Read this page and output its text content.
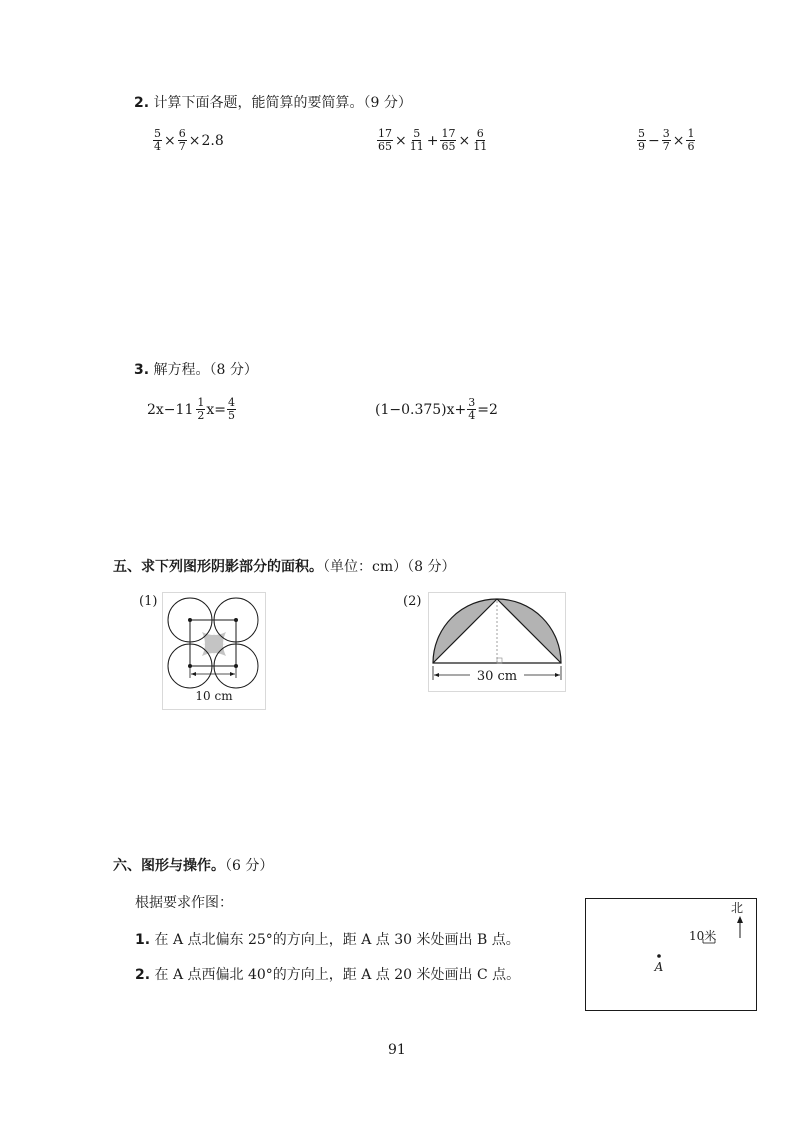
2. 计算下面各题，能简算的要简算。（9 分）
$\frac{5}{4} \times \frac{6}{7} \times 2.8$	$\frac{17}{65} \times \frac{5}{11} + \frac{17}{65} \times \frac{6}{11}$	$\frac{5}{9} - \frac{3}{7} \times \frac{1}{6}$
3. 解方程。（8 分）
2x−1 $1 \frac{1}{2} x= \frac{4}{5}$	$(1-0.375)x+ \frac{3}{4} =2$
五、求下列图形阴影部分的面积。（单位：cm）（8 分）
(1)
10 cm
(2)
30 cm
六、图形与操作。（6 分）
根据要求作图：
1. 在 A 点北偏东 25°的方向上，距 A 点 30 米处画出 B 点。
2. 在 A 点西偏北 40°的方向上，距 A 点 20 米处画出 C 点。
北
10米
A
91
